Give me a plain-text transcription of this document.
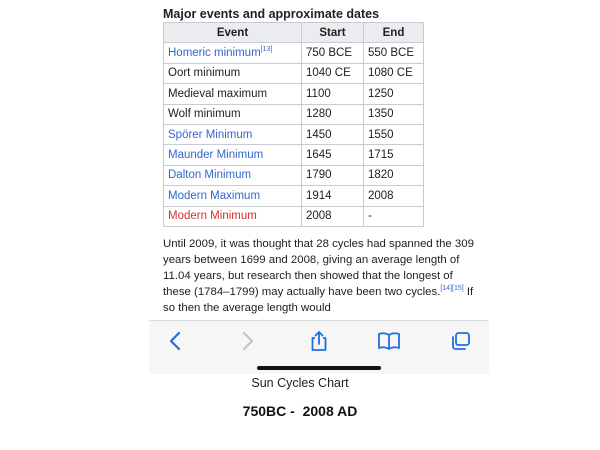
Major events and approximate dates
Event	Start	End
Homeric minimum[13]	750 BCE	550 BCE
Oort minimum	1040 CE	1080 CE
Medieval maximum	1100	1250
Wolf minimum	1280	1350
Spörer Minimum	1450	1550
Maunder Minimum	1645	1715
Dalton Minimum	1790	1820
Modern Maximum	1914	2008
Modern Minimum	2008	-

Until 2009, it was thought that 28 cycles had spanned the 309 years between 1699 and 2008, giving an average length of 11.04 years, but research then showed that the longest of these (1784–1799) may actually have been two cycles.[14][15] If so then the average length would

Sun Cycles Chart
750BC -  2008 AD
